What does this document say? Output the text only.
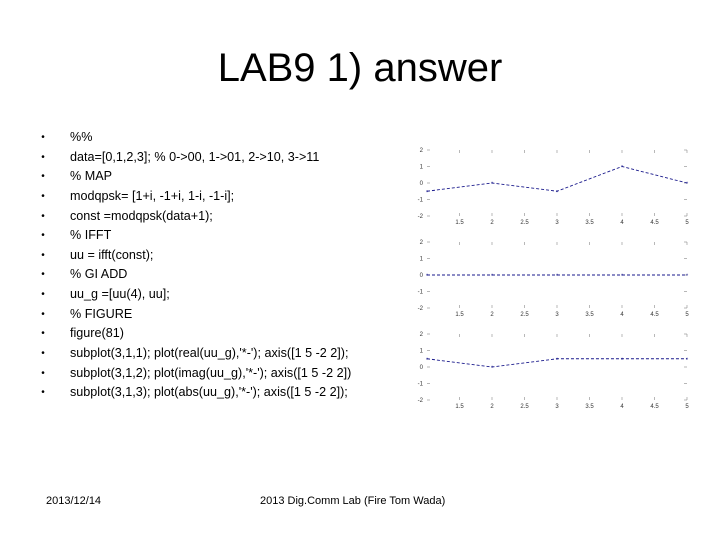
LAB9 1) answer
• %%
• data=[0,1,2,3]; % 0->00, 1->01, 2->10, 3->11
• % MAP
• modqpsk= [1+i, -1+i, 1-i, -1-i];
• const =modqpsk(data+1);
• % IFFT
• uu = ifft(const);
• % GI ADD
• uu_g =[uu(4), uu];
• % FIGURE
• figure(81)
• subplot(3,1,1); plot(real(uu_g),'*-'); axis([1 5 -2 2]);
• subplot(3,1,2); plot(imag(uu_g),'*-'); axis([1 5 -2 2])
• subplot(3,1,3); plot(abs(uu_g),'*-'); axis([1 5 -2 2]);
2
1
0
-1
-2
1.5	2	2.5	3	3.5	4	4.5	5
*
*
*
*
*
2
1
0
-1
-2
1.5	2	2.5	3	3.5	4	4.5	5
*	*	*	*	*
2
1
0
-1
-2
1.5	2	2.5	3	3.5	4	4.5	5
*
*
*	*	*
2013/12/14	2013 Dig.Comm Lab (Fire Tom Wada)
